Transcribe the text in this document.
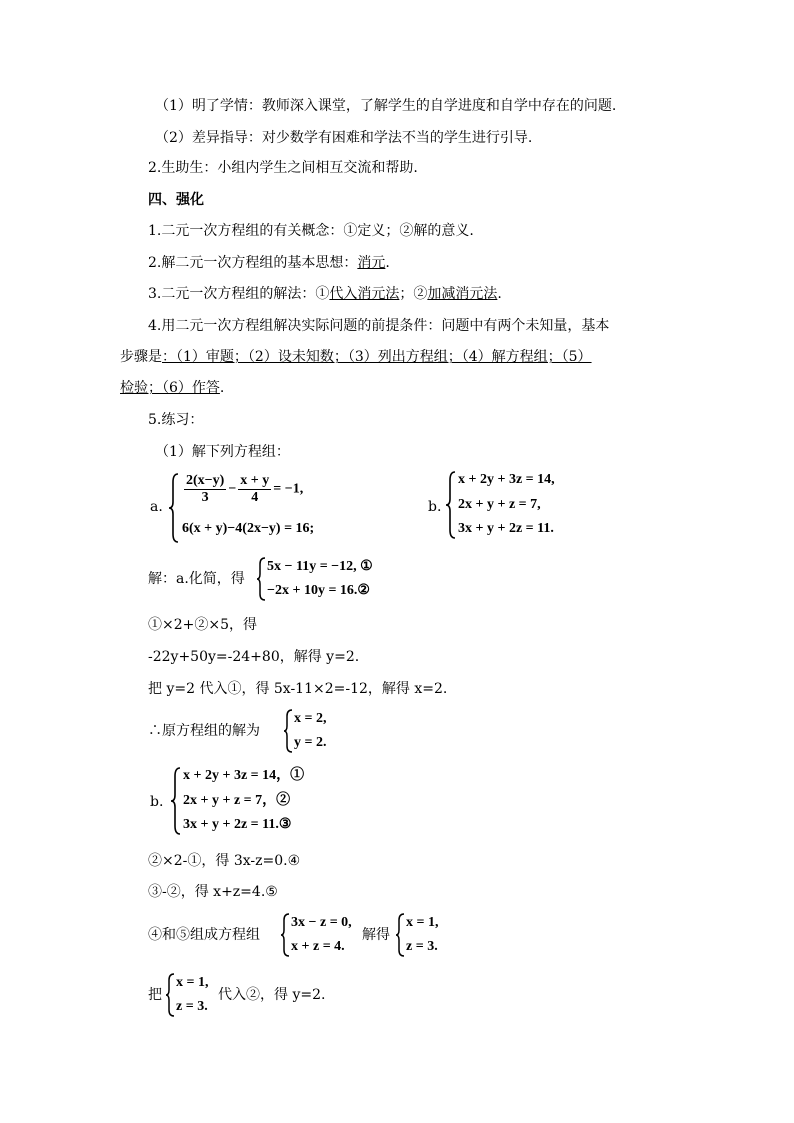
（1）明了学情：教师深入课堂，了解学生的自学进度和自学中存在的问题.
（2）差异指导：对少数学有困难和学法不当的学生进行引导.
2.生助生：小组内学生之间相互交流和帮助.
四、强化
1.二元一次方程组的有关概念：①定义；②解的意义.
2.解二元一次方程组的基本思想：消元.
3.二元一次方程组的解法：①代入消元法；②加减消元法.
4.用二元一次方程组解决实际问题的前提条件：问题中有两个未知量，基本
步骤是：（1）审题；（2）设未知数；（3）列出方程组；（4）解方程组；（5）
检验；（6）作答.
5.练习：
（1）解下列方程组：
a.
$\frac{2(x-y)}{3} - \frac{x + y}{4} = -1$,
6(x + y)−4(2x−y) = 16;
b.
x + 2y + 3z = 14,
2x + y + z = 7,
3x + y + 2z = 11.
解：a.化简，得
5x − 11y = −12, ①
−2x + 10y = 16.②
①×2+②×5，得
-22y+50y=-24+80，解得 y=2.
把 y=2 代入①，得 5x-11×2=-12，解得 x=2.
∴原方程组的解为
x = 2,
y = 2.
b.
x + 2y + 3z = 14，①
2x + y + z = 7，②
3x + y + 2z = 11.③
②×2-①，得 3x-z=0.④
③-②，得 x+z=4.⑤
④和⑤组成方程组
3x − z = 0,
x + z = 4.
解得
x = 1,
z = 3.
把
x = 1,
z = 3.
代入②，得 y=2.
